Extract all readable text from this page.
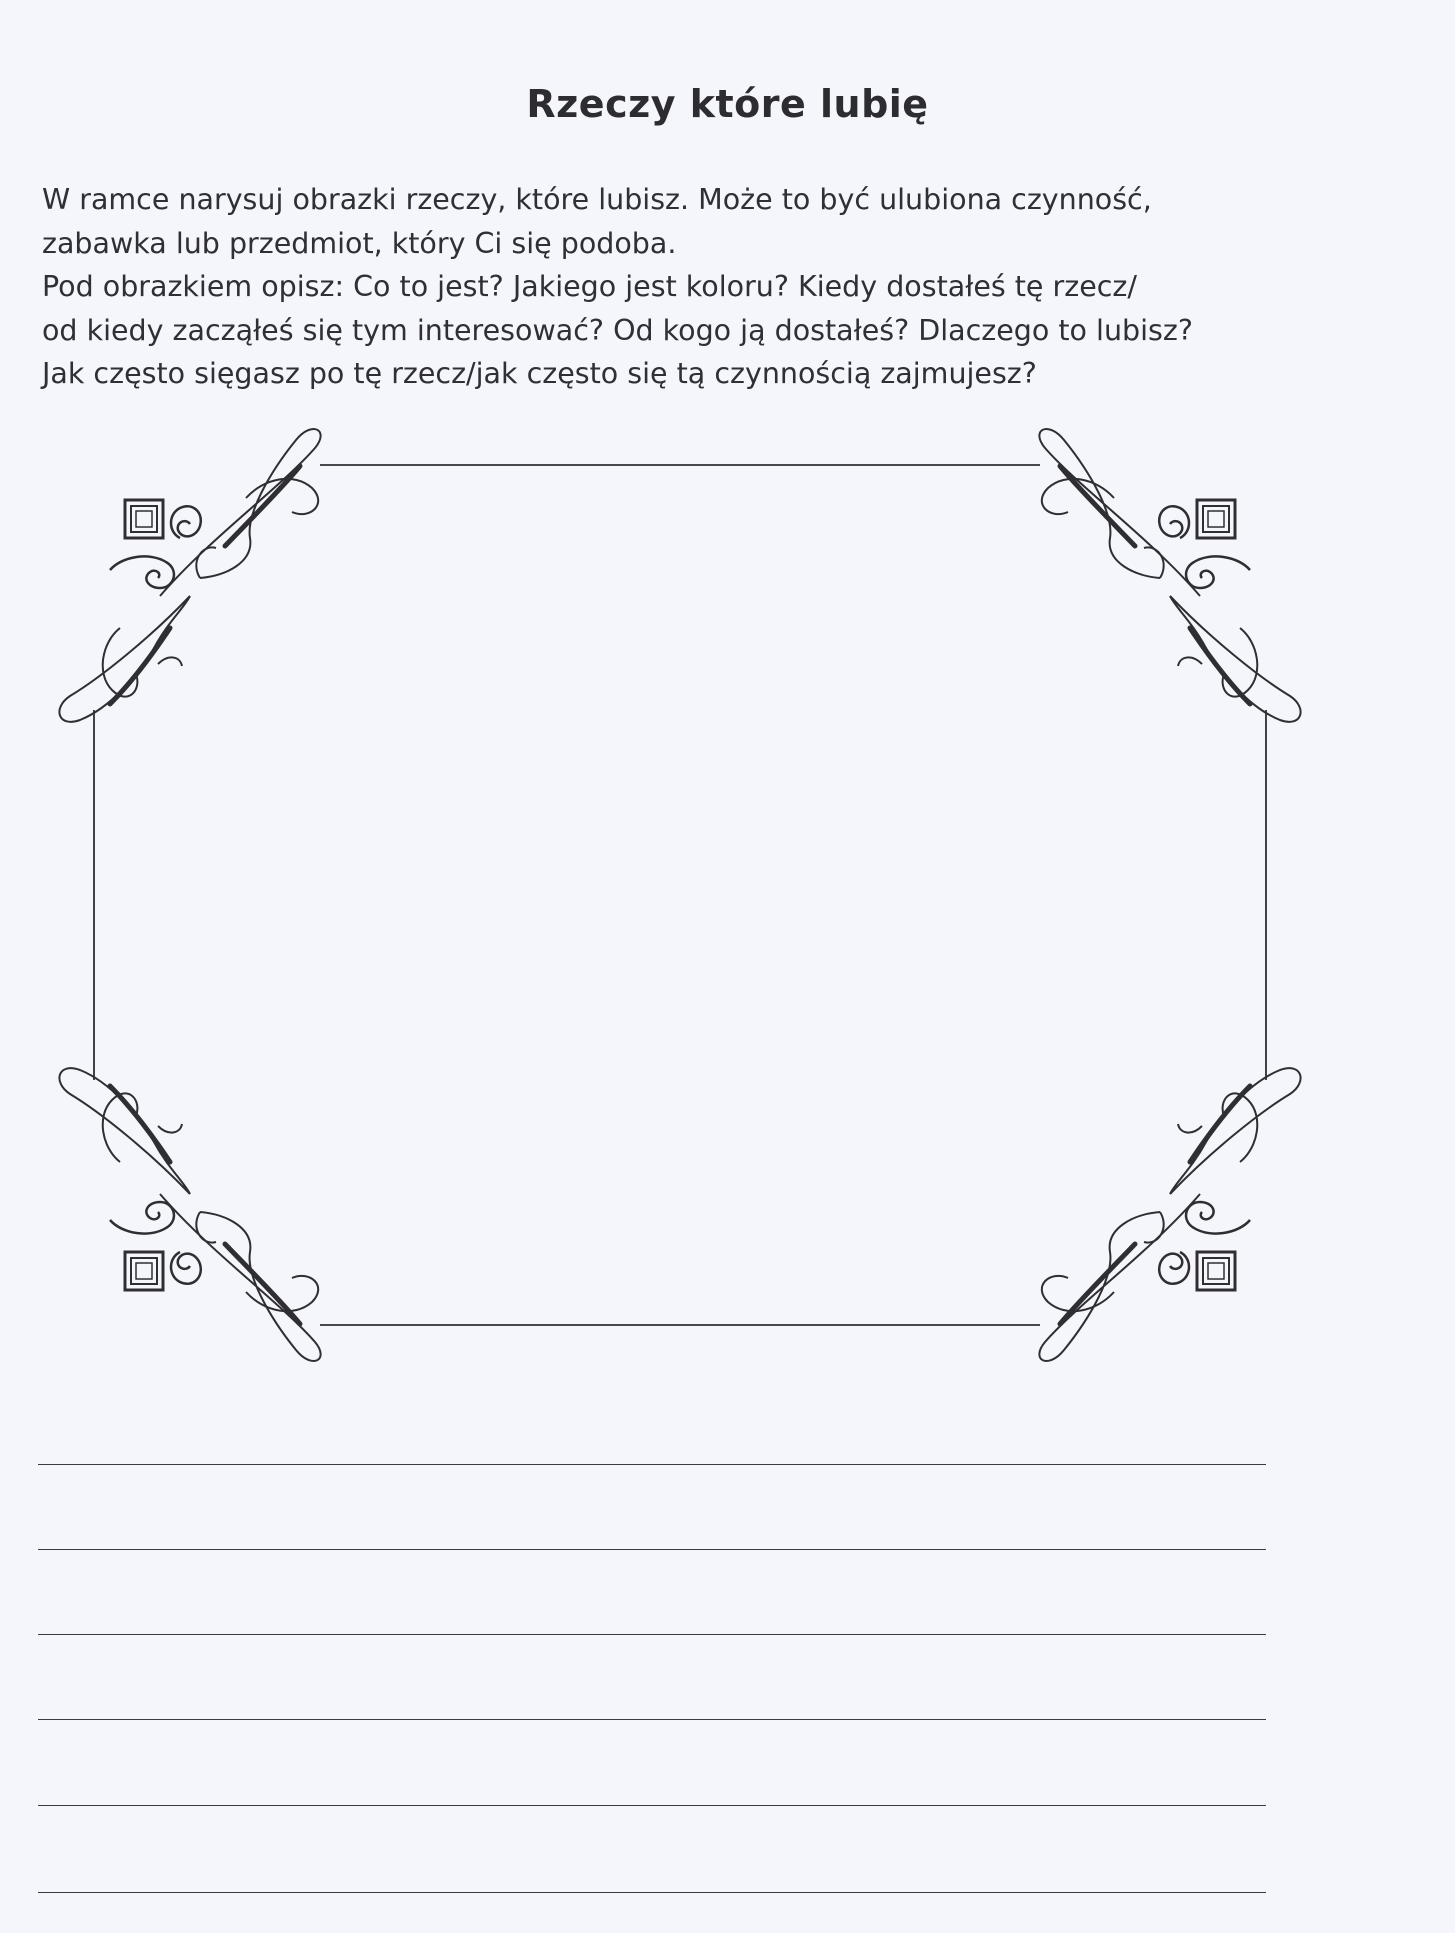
Rzeczy które lubię
W ramce narysuj obrazki rzeczy, które lubisz. Może to być ulubiona czynność,
zabawka lub przedmiot, który Ci się podoba.
Pod obrazkiem opisz: Co to jest? Jakiego jest koloru? Kiedy dostałeś tę rzecz/
od kiedy zacząłeś się tym interesować? Od kogo ją dostałeś? Dlaczego to lubisz?
Jak często sięgasz po tę rzecz/jak często się tą czynnością zajmujesz?
